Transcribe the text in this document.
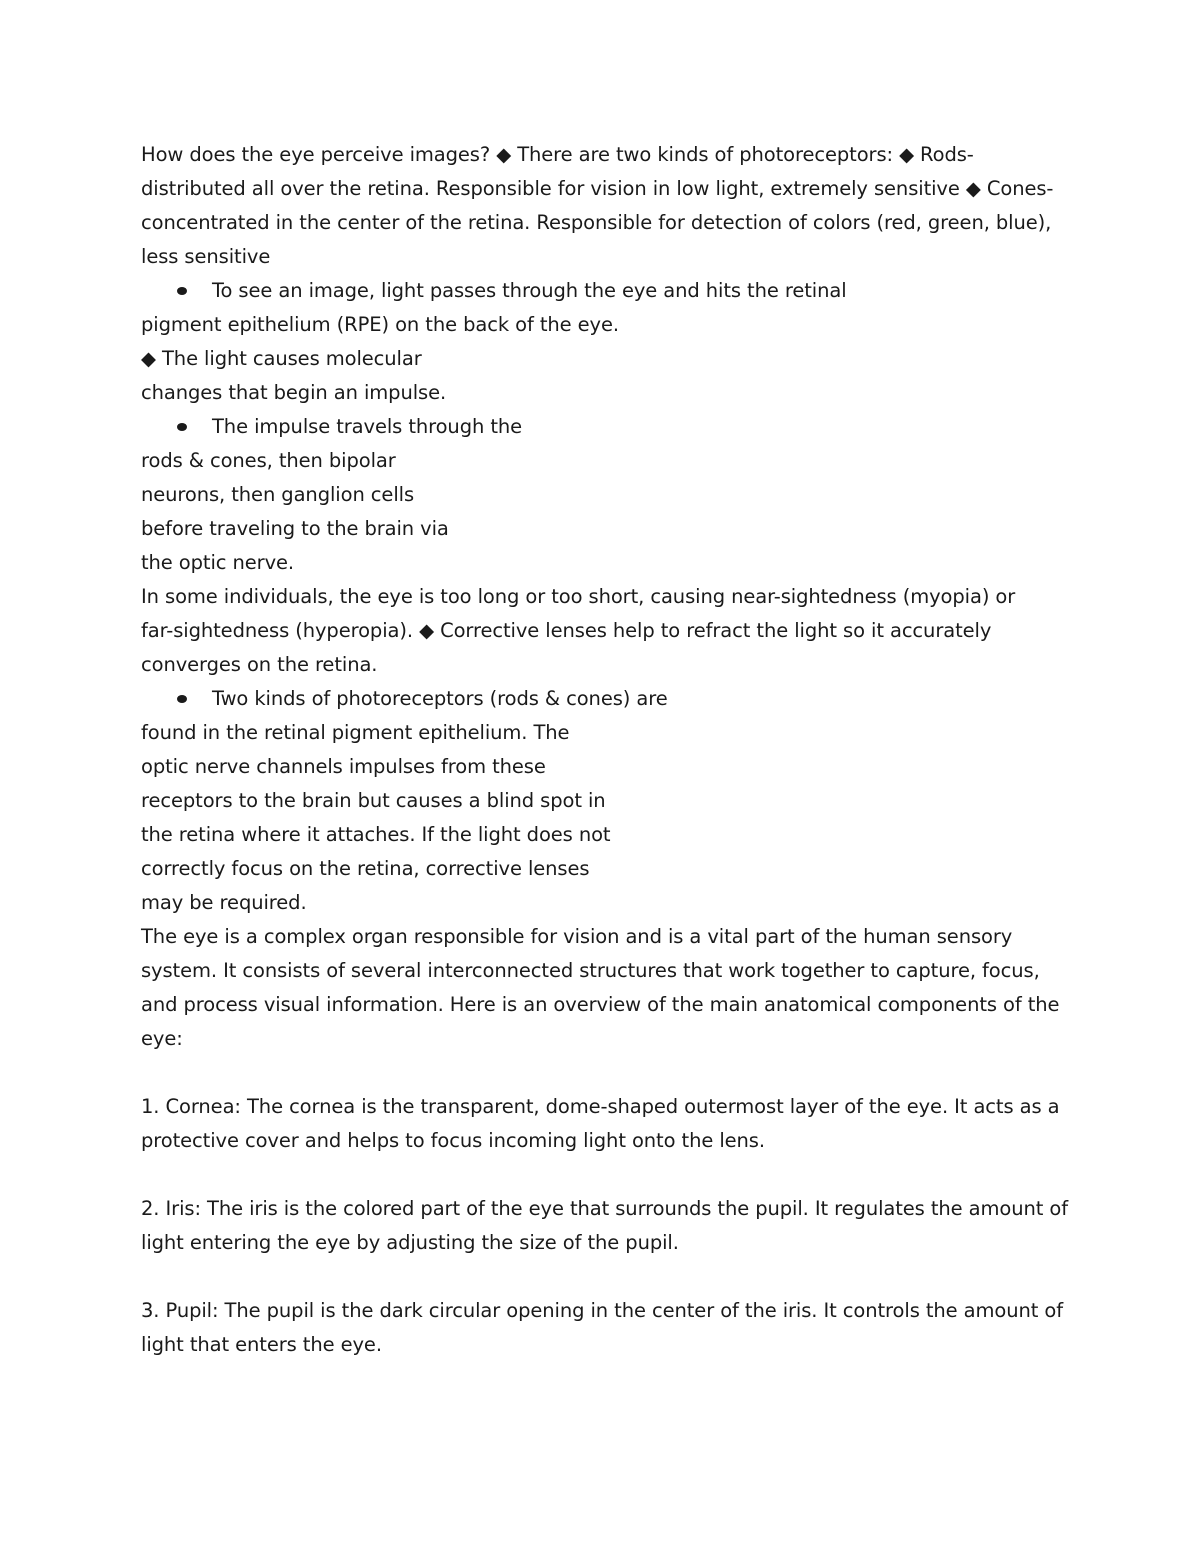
How does the eye perceive images? ◆ There are two kinds of photoreceptors: ◆ Rods-
distributed all over the retina. Responsible for vision in low light, extremely sensitive ◆ Cones-
concentrated in the center of the retina. Responsible for detection of colors (red, green, blue),
less sensitive
To see an image, light passes through the eye and hits the retinal
pigment epithelium (RPE) on the back of the eye.
◆ The light causes molecular
changes that begin an impulse.
The impulse travels through the
rods & cones, then bipolar
neurons, then ganglion cells
before traveling to the brain via
the optic nerve.
In some individuals, the eye is too long or too short, causing near-sightedness (myopia) or
far-sightedness (hyperopia). ◆ Corrective lenses help to refract the light so it accurately
converges on the retina.
Two kinds of photoreceptors (rods & cones) are
found in the retinal pigment epithelium. The
optic nerve channels impulses from these
receptors to the brain but causes a blind spot in
the retina where it attaches. If the light does not
correctly focus on the retina, corrective lenses
may be required.
The eye is a complex organ responsible for vision and is a vital part of the human sensory
system. It consists of several interconnected structures that work together to capture, focus,
and process visual information. Here is an overview of the main anatomical components of the
eye:
1. Cornea: The cornea is the transparent, dome-shaped outermost layer of the eye. It acts as a
protective cover and helps to focus incoming light onto the lens.
2. Iris: The iris is the colored part of the eye that surrounds the pupil. It regulates the amount of
light entering the eye by adjusting the size of the pupil.
3. Pupil: The pupil is the dark circular opening in the center of the iris. It controls the amount of
light that enters the eye.
